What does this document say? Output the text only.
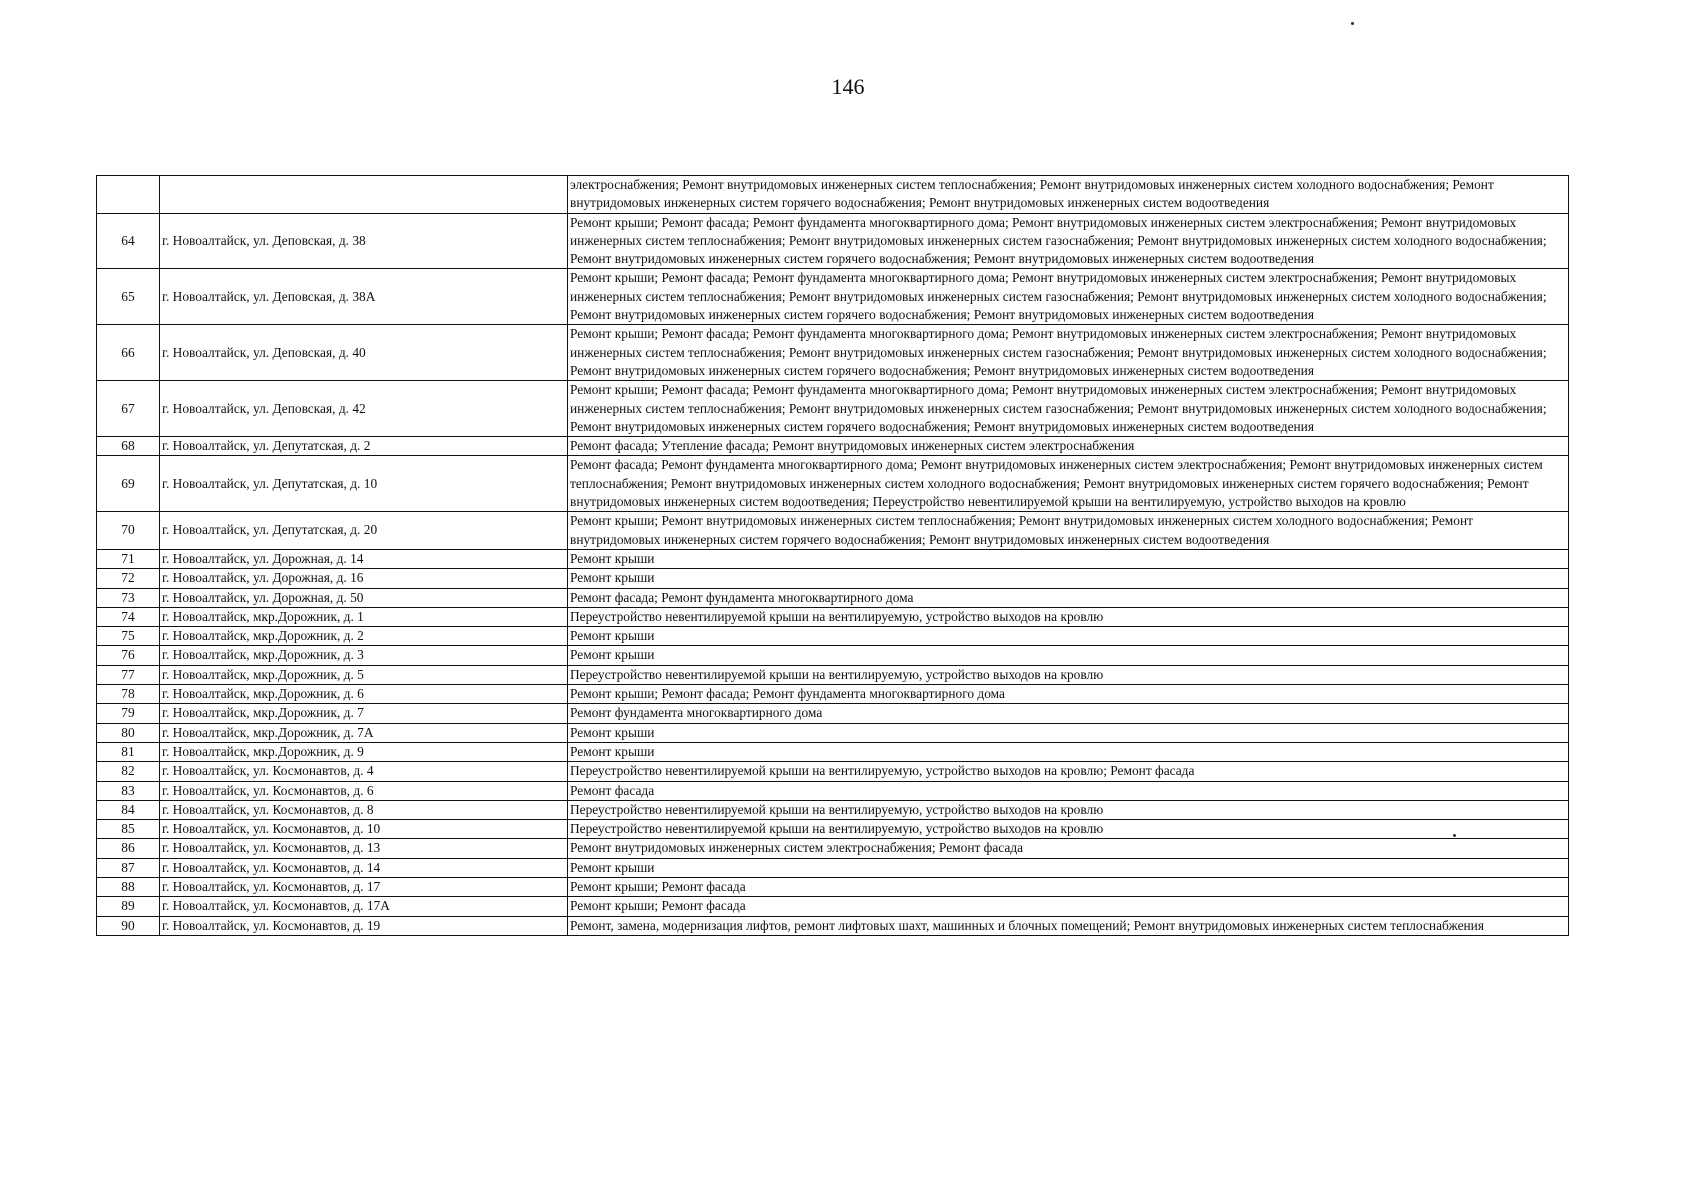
146
		электроснабжения; Ремонт внутридомовых инженерных систем теплоснабжения; Ремонт внутридомовых инженерных систем холодного водоснабжения; Ремонт внутридомовых инженерных систем горячего водоснабжения; Ремонт внутридомовых инженерных систем водоотведения
64	г. Новоалтайск, ул. Деповская, д. 38	Ремонт крыши; Ремонт фасада; Ремонт фундамента многоквартирного дома; Ремонт внутридомовых инженерных систем электроснабжения; Ремонт внутридомовых инженерных систем теплоснабжения; Ремонт внутридомовых инженерных систем газоснабжения; Ремонт внутридомовых инженерных систем холодного водоснабжения; Ремонт внутридомовых инженерных систем горячего водоснабжения; Ремонт внутридомовых инженерных систем водоотведения
65	г. Новоалтайск, ул. Деповская, д. 38А	Ремонт крыши; Ремонт фасада; Ремонт фундамента многоквартирного дома; Ремонт внутридомовых инженерных систем электроснабжения; Ремонт внутридомовых инженерных систем теплоснабжения; Ремонт внутридомовых инженерных систем газоснабжения; Ремонт внутридомовых инженерных систем холодного водоснабжения; Ремонт внутридомовых инженерных систем горячего водоснабжения; Ремонт внутридомовых инженерных систем водоотведения
66	г. Новоалтайск, ул. Деповская, д. 40	Ремонт крыши; Ремонт фасада; Ремонт фундамента многоквартирного дома; Ремонт внутридомовых инженерных систем электроснабжения; Ремонт внутридомовых инженерных систем теплоснабжения; Ремонт внутридомовых инженерных систем газоснабжения; Ремонт внутридомовых инженерных систем холодного водоснабжения; Ремонт внутридомовых инженерных систем горячего водоснабжения; Ремонт внутридомовых инженерных систем водоотведения
67	г. Новоалтайск, ул. Деповская, д. 42	Ремонт крыши; Ремонт фасада; Ремонт фундамента многоквартирного дома; Ремонт внутридомовых инженерных систем электроснабжения; Ремонт внутридомовых инженерных систем теплоснабжения; Ремонт внутридомовых инженерных систем газоснабжения; Ремонт внутридомовых инженерных систем холодного водоснабжения; Ремонт внутридомовых инженерных систем горячего водоснабжения; Ремонт внутридомовых инженерных систем водоотведения
68	г. Новоалтайск, ул. Депутатская, д. 2	Ремонт фасада; Утепление фасада; Ремонт внутридомовых инженерных систем электроснабжения
69	г. Новоалтайск, ул. Депутатская, д. 10	Ремонт фасада; Ремонт фундамента многоквартирного дома; Ремонт внутридомовых инженерных систем электроснабжения; Ремонт внутридомовых инженерных систем теплоснабжения; Ремонт внутридомовых инженерных систем холодного водоснабжения; Ремонт внутридомовых инженерных систем горячего водоснабжения; Ремонт внутридомовых инженерных систем водоотведения; Переустройство невентилируемой крыши на вентилируемую, устройство выходов на кровлю
70	г. Новоалтайск, ул. Депутатская, д. 20	Ремонт крыши; Ремонт внутридомовых инженерных систем теплоснабжения; Ремонт внутридомовых инженерных систем холодного водоснабжения; Ремонт внутридомовых инженерных систем горячего водоснабжения; Ремонт внутридомовых инженерных систем водоотведения
71	г. Новоалтайск, ул. Дорожная, д. 14	Ремонт крыши
72	г. Новоалтайск, ул. Дорожная, д. 16	Ремонт крыши
73	г. Новоалтайск, ул. Дорожная, д. 50	Ремонт фасада; Ремонт фундамента многоквартирного дома
74	г. Новоалтайск, мкр.Дорожник, д. 1	Переустройство невентилируемой крыши на вентилируемую, устройство выходов на кровлю
75	г. Новоалтайск, мкр.Дорожник, д. 2	Ремонт крыши
76	г. Новоалтайск, мкр.Дорожник, д. 3	Ремонт крыши
77	г. Новоалтайск, мкр.Дорожник, д. 5	Переустройство невентилируемой крыши на вентилируемую, устройство выходов на кровлю
78	г. Новоалтайск, мкр.Дорожник, д. 6	Ремонт крыши; Ремонт фасада; Ремонт фундамента многоквартирного дома
79	г. Новоалтайск, мкр.Дорожник, д. 7	Ремонт фундамента многоквартирного дома
80	г. Новоалтайск, мкр.Дорожник, д. 7А	Ремонт крыши
81	г. Новоалтайск, мкр.Дорожник, д. 9	Ремонт крыши
82	г. Новоалтайск, ул. Космонавтов, д. 4	Переустройство невентилируемой крыши на вентилируемую, устройство выходов на кровлю; Ремонт фасада
83	г. Новоалтайск, ул. Космонавтов, д. 6	Ремонт фасада
84	г. Новоалтайск, ул. Космонавтов, д. 8	Переустройство невентилируемой крыши на вентилируемую, устройство выходов на кровлю
85	г. Новоалтайск, ул. Космонавтов, д. 10	Переустройство невентилируемой крыши на вентилируемую, устройство выходов на кровлю
86	г. Новоалтайск, ул. Космонавтов, д. 13	Ремонт внутридомовых инженерных систем электроснабжения; Ремонт фасада
87	г. Новоалтайск, ул. Космонавтов, д. 14	Ремонт крыши
88	г. Новоалтайск, ул. Космонавтов, д. 17	Ремонт крыши; Ремонт фасада
89	г. Новоалтайск, ул. Космонавтов, д. 17А	Ремонт крыши; Ремонт фасада
90	г. Новоалтайск, ул. Космонавтов, д. 19	Ремонт, замена, модернизация лифтов, ремонт лифтовых шахт, машинных и блочных помещений; Ремонт внутридомовых инженерных систем теплоснабжения
